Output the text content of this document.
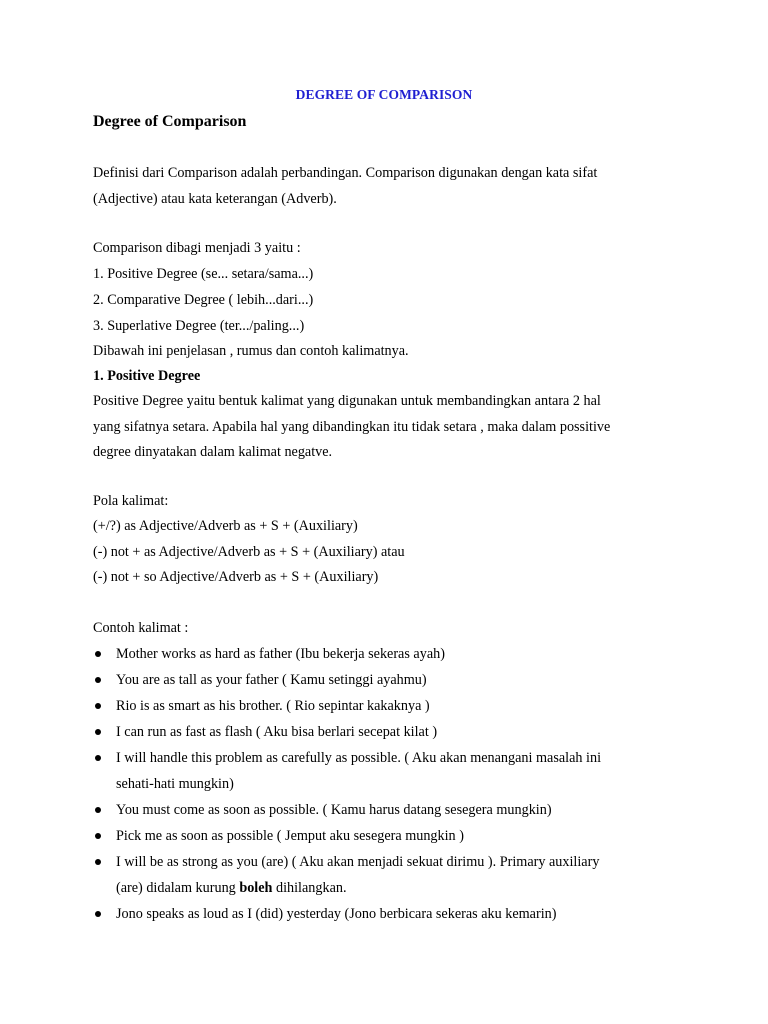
DEGREE OF COMPARISON
Degree of Comparison
Definisi dari Comparison adalah perbandingan. Comparison digunakan dengan kata sifat
(Adjective) atau kata keterangan (Adverb).
Comparison dibagi menjadi 3 yaitu :
1. Positive Degree (se... setara/sama...)
2. Comparative Degree ( lebih...dari...)
3. Superlative Degree (ter.../paling...)
Dibawah ini penjelasan , rumus dan contoh kalimatnya.
1. Positive Degree
Positive Degree yaitu bentuk kalimat yang digunakan untuk membandingkan antara 2 hal
yang sifatnya setara. Apabila hal yang dibandingkan itu tidak setara , maka dalam possitive
degree dinyatakan dalam kalimat negatve.
Pola kalimat:
(+/?) as Adjective/Adverb as + S + (Auxiliary)
(-) not + as Adjective/Adverb as + S + (Auxiliary) atau
(-) not + so Adjective/Adverb as + S + (Auxiliary)
Contoh kalimat :
Mother works as hard as father (Ibu bekerja sekeras ayah)
You are as tall as your father ( Kamu setinggi ayahmu)
Rio is as smart as his brother. ( Rio sepintar kakaknya )
I can run as fast as flash ( Aku bisa berlari secepat kilat )
I will handle this problem as carefully as possible. ( Aku akan menangani masalah ini
sehati-hati mungkin)
You must come as soon as possible. ( Kamu harus datang sesegera mungkin)
Pick me as soon as possible ( Jemput aku sesegera mungkin )
I will be as strong as you (are) ( Aku akan menjadi sekuat dirimu ). Primary auxiliary
(are) didalam kurung boleh dihilangkan.
Jono speaks as loud as I (did) yesterday (Jono berbicara sekeras aku kemarin)
